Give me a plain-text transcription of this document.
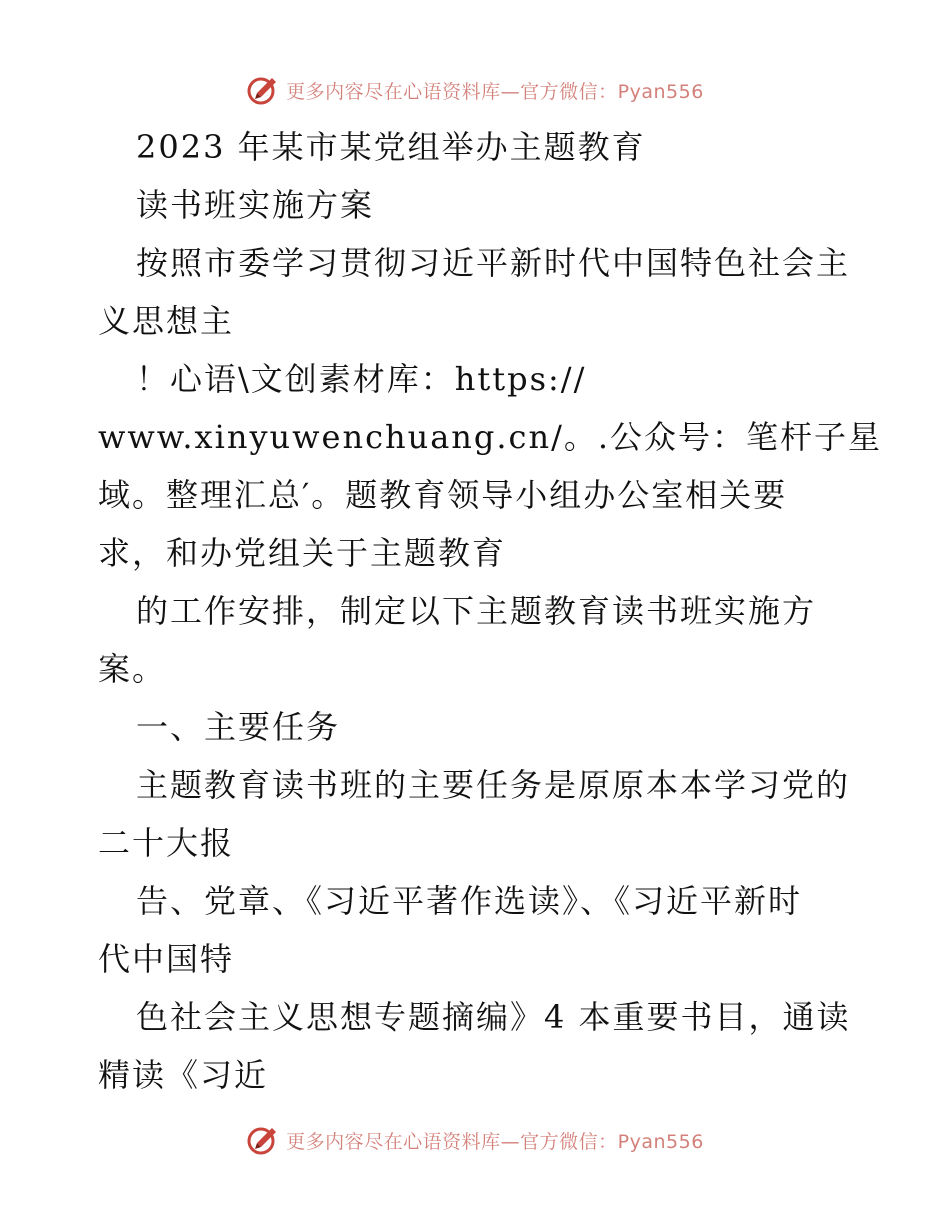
更多内容尽在心语资料库—官方微信：Pyan556
2023 年某市某党组举办主题教育
读书班实施方案
按照市委学习贯彻习近平新时代中国特色社会主
义思想主
！心语\文创素材库：https://
www.xinyuwenchuang.cn/。.公众号：笔杆子星
域。整理汇总′。题教育领导小组办公室相关要
求，和办党组关于主题教育
的工作安排，制定以下主题教育读书班实施方
案。
一、主要任务
主题教育读书班的主要任务是原原本本学习党的
二十大报
告、党章、《习近平著作选读》、《习近平新时
代中国特
色社会主义思想专题摘编》4 本重要书目，通读
精读《习近
更多内容尽在心语资料库—官方微信：Pyan556
